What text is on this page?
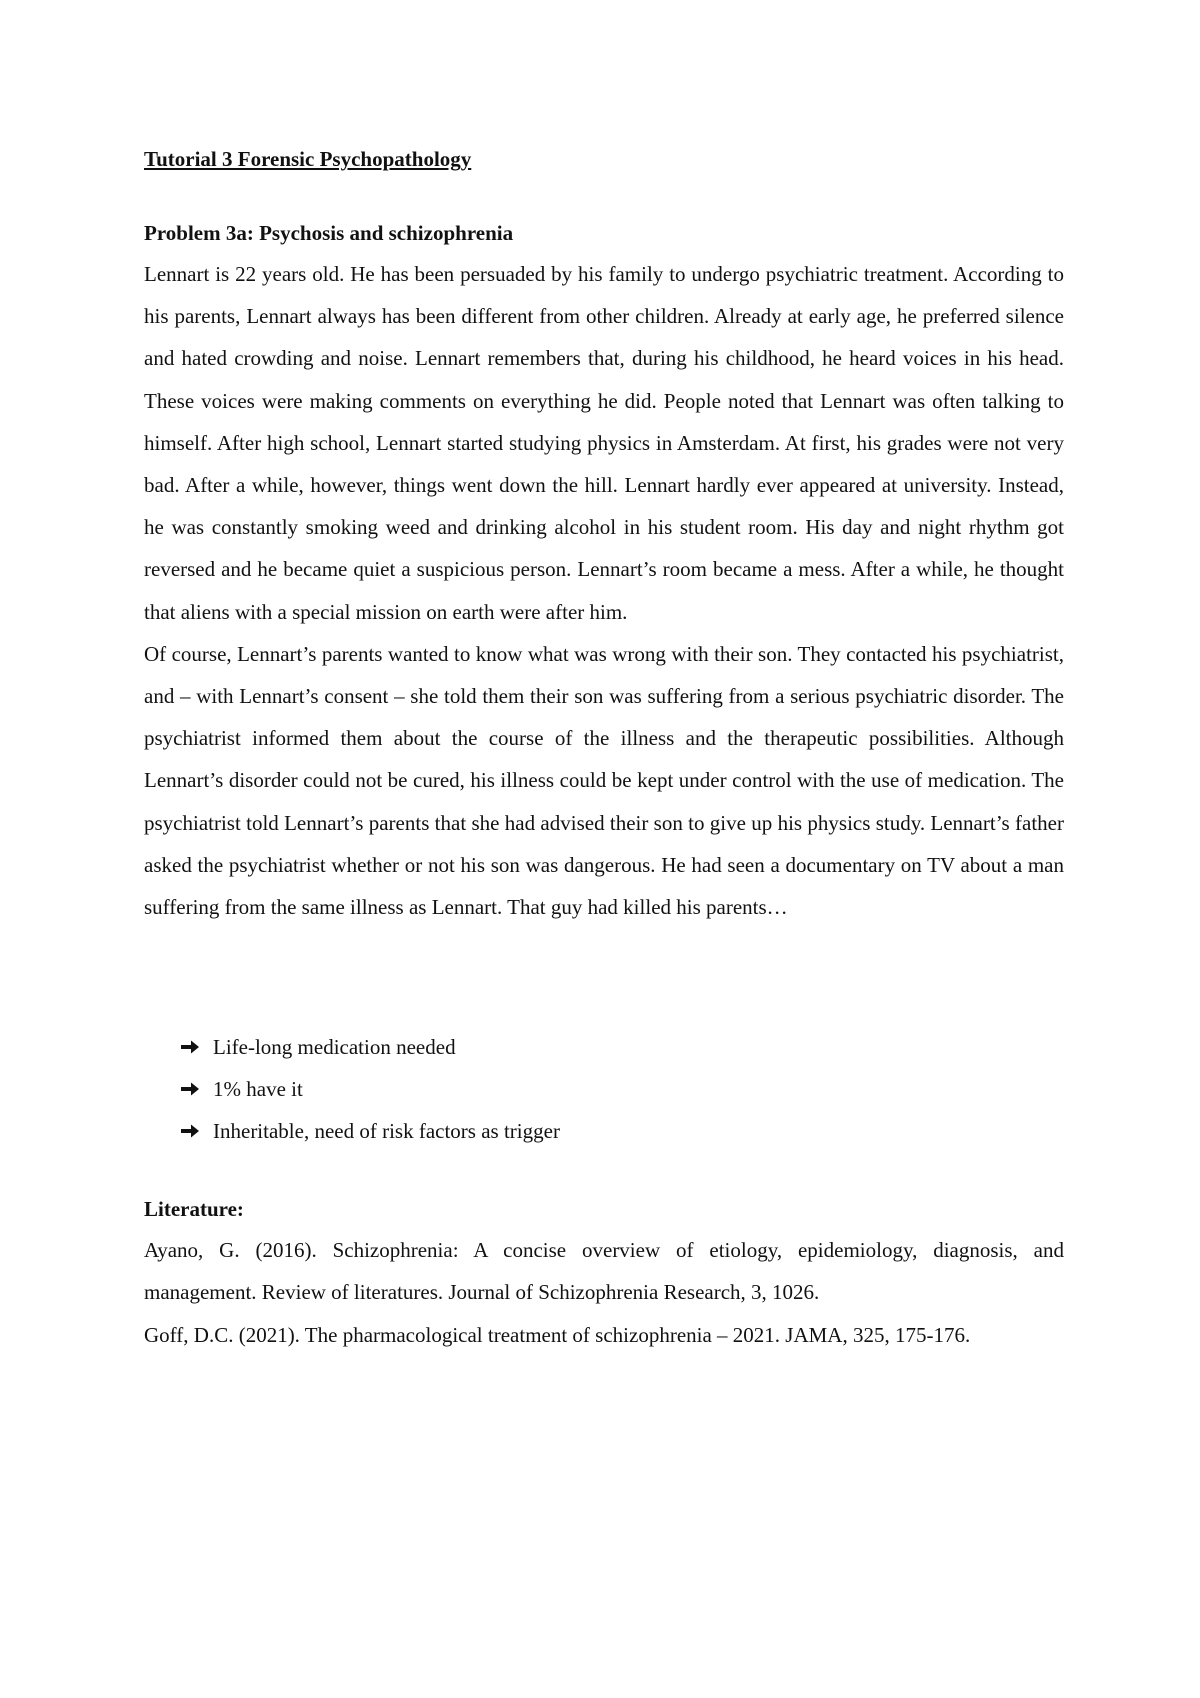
Tutorial 3 Forensic Psychopathology
Problem 3a: Psychosis and schizophrenia

Lennart is 22 years old. He has been persuaded by his family to undergo psychiatric treatment. According to his parents, Lennart always has been different from other children. Already at early age, he preferred silence and hated crowding and noise. Lennart remembers that, during his childhood, he heard voices in his head. These voices were making comments on everything he did. People noted that Lennart was often talking to himself. After high school, Lennart started studying physics in Amsterdam. At first, his grades were not very bad. After a while, however, things went down the hill. Lennart hardly ever appeared at university. Instead, he was constantly smoking weed and drinking alcohol in his student room. His day and night rhythm got reversed and he became quiet a suspicious person. Lennart’s room became a mess. After a while, he thought that aliens with a special mission on earth were after him.

Of course, Lennart’s parents wanted to know what was wrong with their son. They contacted his psychiatrist, and – with Lennart’s consent – she told them their son was suffering from a serious psychiatric disorder. The psychiatrist informed them about the course of the illness and the therapeutic possibilities. Although Lennart’s disorder could not be cured, his illness could be kept under control with the use of medication. The psychiatrist told Lennart’s parents that she had advised their son to give up his physics study. Lennart’s father asked the psychiatrist whether or not his son was dangerous. He had seen a documentary on TV about a man suffering from the same illness as Lennart. That guy had killed his parents…

Life-long medication needed
1% have it
Inheritable, need of risk factors as trigger
Literature:

Ayano, G. (2016). Schizophrenia: A concise overview of etiology, epidemiology, diagnosis, and management. Review of literatures. Journal of Schizophrenia Research, 3, 1026.

Goff, D.C. (2021). The pharmacological treatment of schizophrenia – 2021. JAMA, 325, 175-176.
